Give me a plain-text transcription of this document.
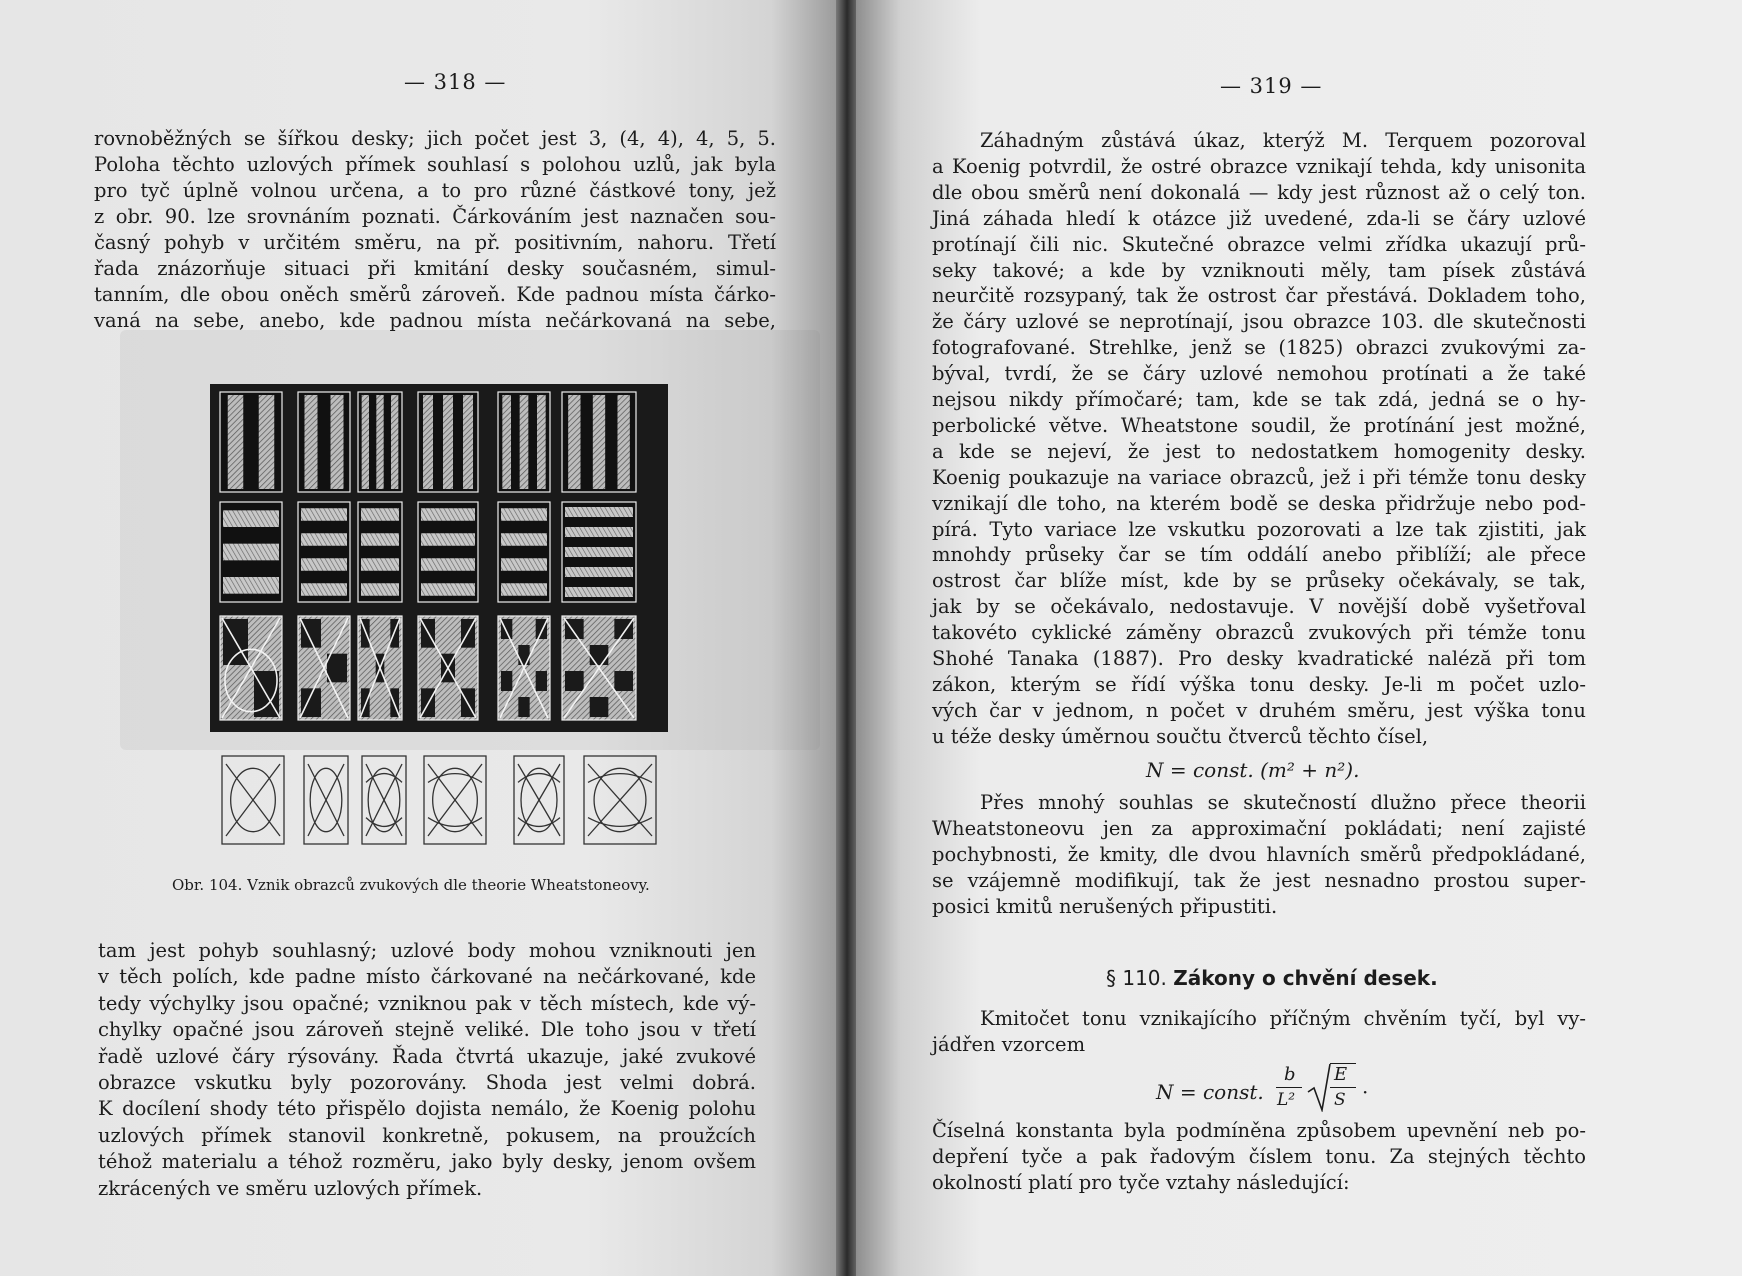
— 318 —
rovnoběžných se šířkou desky; jich počet jest 3, (4, 4), 4, 5, 5.
Poloha těchto uzlových přímek souhlasí s polohou uzlů, jak byla
pro tyč úplně volnou určena, a to pro různé částkové tony, jež
z obr. 90. lze srovnáním poznati. Čárkováním jest naznačen sou-
časný pohyb v určitém směru, na př. positivním, nahoru. Třetí
řada znázorňuje situaci při kmitání desky současném, simul-
tanním, dle obou oněch směrů zároveň. Kde padnou místa čárko-
vaná na sebe, anebo, kde padnou místa nečárkovaná na sebe,
Obr. 104. Vznik obrazců zvukových dle theorie Wheatstoneovy.
tam jest pohyb souhlasný; uzlové body mohou vzniknouti jen
v těch polích, kde padne místo čárkované na nečárkované, kde
tedy výchylky jsou opačné; vzniknou pak v těch místech, kde vý-
chylky opačné jsou zároveň stejně veliké. Dle toho jsou v třetí
řadě uzlové čáry rýsovány. Řada čtvrtá ukazuje, jaké zvukové
obrazce vskutku byly pozorovány. Shoda jest velmi dobrá.
K docílení shody této přispělo dojista nemálo, že Koenig polohu
uzlových přímek stanovil konkretně, pokusem, na proužcích
téhož materialu a téhož rozměru, jako byly desky, jenom ovšem
zkrácených ve směru uzlových přímek.
— 319 —
Záhadným zůstává úkaz, kterýž M. Terquem pozoroval
a Koenig potvrdil, že ostré obrazce vznikají tehda, kdy unisonita
dle obou směrů není dokonalá — kdy jest různost až o celý ton.
Jiná záhada hledí k otázce již uvedené, zda-li se čáry uzlové
protínají čili nic. Skutečné obrazce velmi zřídka ukazují prů-
seky takové; a kde by vzniknouti měly, tam písek zůstává
neurčitě rozsypaný, tak že ostrost čar přestává. Dokladem toho,
že čáry uzlové se neprotínají, jsou obrazce 103. dle skutečnosti
fotografované. Strehlke, jenž se (1825) obrazci zvukovými za-
býval, tvrdí, že se čáry uzlové nemohou protínati a že také
nejsou nikdy přímočaré; tam, kde se tak zdá, jedná se o hy-
perbolické větve. Wheatstone soudil, že protínání jest možné,
a kde se nejeví, že jest to nedostatkem homogenity desky.
Koenig poukazuje na variace obrazců, jež i při témže tonu desky
vznikají dle toho, na kterém bodě se deska přidržuje nebo pod-
pírá. Tyto variace lze vskutku pozorovati a lze tak zjistiti, jak
mnohdy průseky čar se tím oddálí anebo přiblíží; ale přece
ostrost čar blíže míst, kde by se průseky očekávaly, se tak,
jak by se očekávalo, nedostavuje. V novější době vyšetřoval
takovéto cyklické záměny obrazců zvukových při témže tonu
Shohé Tanaka (1887). Pro desky kvadratické naléză při tom
zákon, kterým se řídí výška tonu desky. Je-li m počet uzlo-
vých čar v jednom, n počet v druhém směru, jest výška tonu
u téže desky úměrnou součtu čtverců těchto čísel,
N = const. (m² + n²).
Přes mnohý souhlas se skutečností dlužno přece theorii
Wheatstoneovu jen za approximační pokládati; není zajisté
pochybnosti, že kmity, dle dvou hlavních směrů předpokládané,
se vzájemně modifikují, tak že jest nesnadno prostou super-
posici kmitů nerušených připustiti.
§ 110. Zákony o chvění desek.
Kmitočet tonu vznikajícího příčným chvěním tyčí, byl vy-
jádřen vzorcem
N = const.
b
L²
E
S ·
Číselná konstanta byla podmíněna způsobem upevnění neb po-
depření tyče a pak řadovým číslem tonu. Za stejných těchto
okolností platí pro tyče vztahy následující:
